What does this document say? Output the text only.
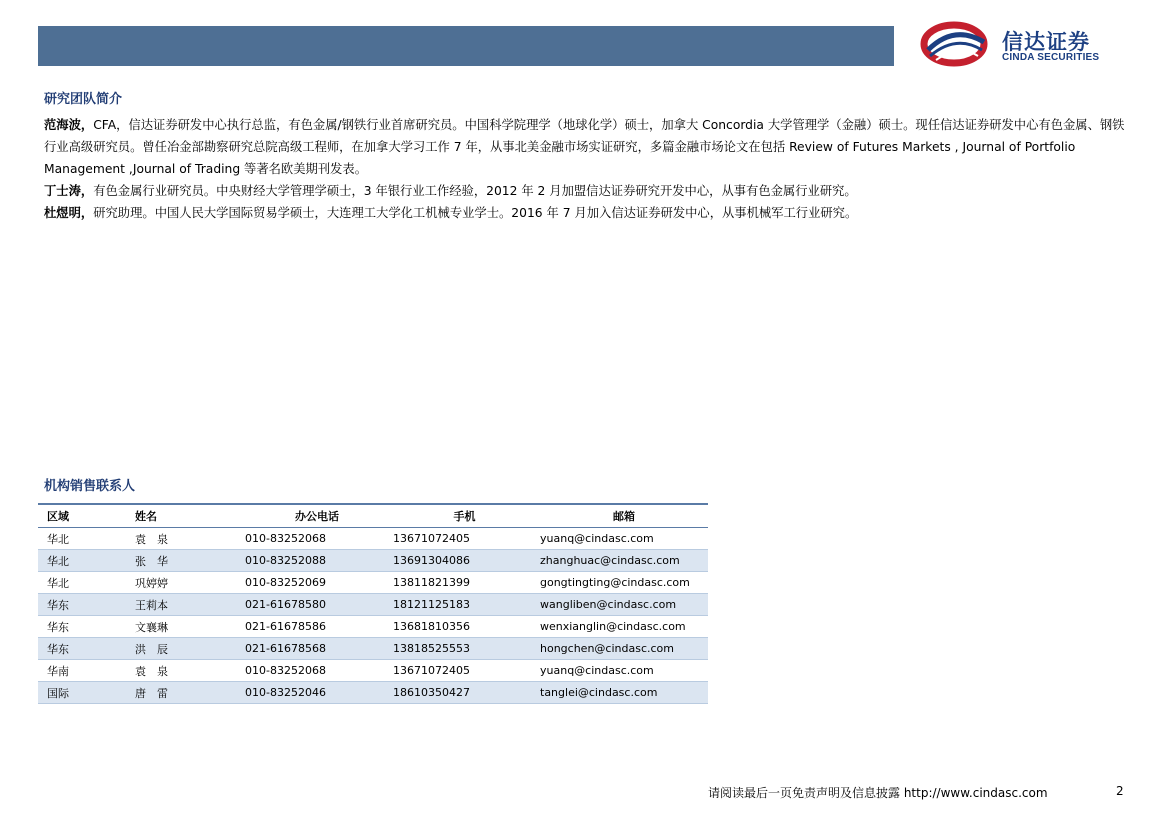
信达证券
CINDA SECURITIES
研究团队简介
范海波，CFA，信达证券研发中心执行总监，有色金属/钢铁行业首席研究员。中国科学院理学（地球化学）硕士，加拿大 Concordia 大学管理学（金融）硕士。现任信达证券研发中心有色金属、钢铁行业高级研究员。曾任冶金部勘察研究总院高级工程师，在加拿大学习工作 7 年，从事北美金融市场实证研究，多篇金融市场论文在包括 Review of Futures Markets , Journal of Portfolio Management ,Journal of Trading 等著名欧美期刊发表。
丁士涛，有色金属行业研究员。中央财经大学管理学硕士，3 年银行业工作经验，2012 年 2 月加盟信达证券研究开发中心，从事有色金属行业研究。
杜煜明，研究助理。中国人民大学国际贸易学硕士，大连理工大学化工机械专业学士。2016 年 7 月加入信达证券研发中心，从事机械军工行业研究。
机构销售联系人
区域	姓名	办公电话	手机	邮箱
华北	袁　泉	010-83252068	13671072405	yuanq@cindasc.com
华北	张　华	010-83252088	13691304086	zhanghuac@cindasc.com
华北	巩婷婷	010-83252069	13811821399	gongtingting@cindasc.com
华东	王莉本	021-61678580	18121125183	wangliben@cindasc.com
华东	文襄琳	021-61678586	13681810356	wenxianglin@cindasc.com
华东	洪　辰	021-61678568	13818525553	hongchen@cindasc.com
华南	袁　泉	010-83252068	13671072405	yuanq@cindasc.com
国际	唐　雷	010-83252046	18610350427	tanglei@cindasc.com
请阅读最后一页免责声明及信息披露 http://www.cindasc.com	2
